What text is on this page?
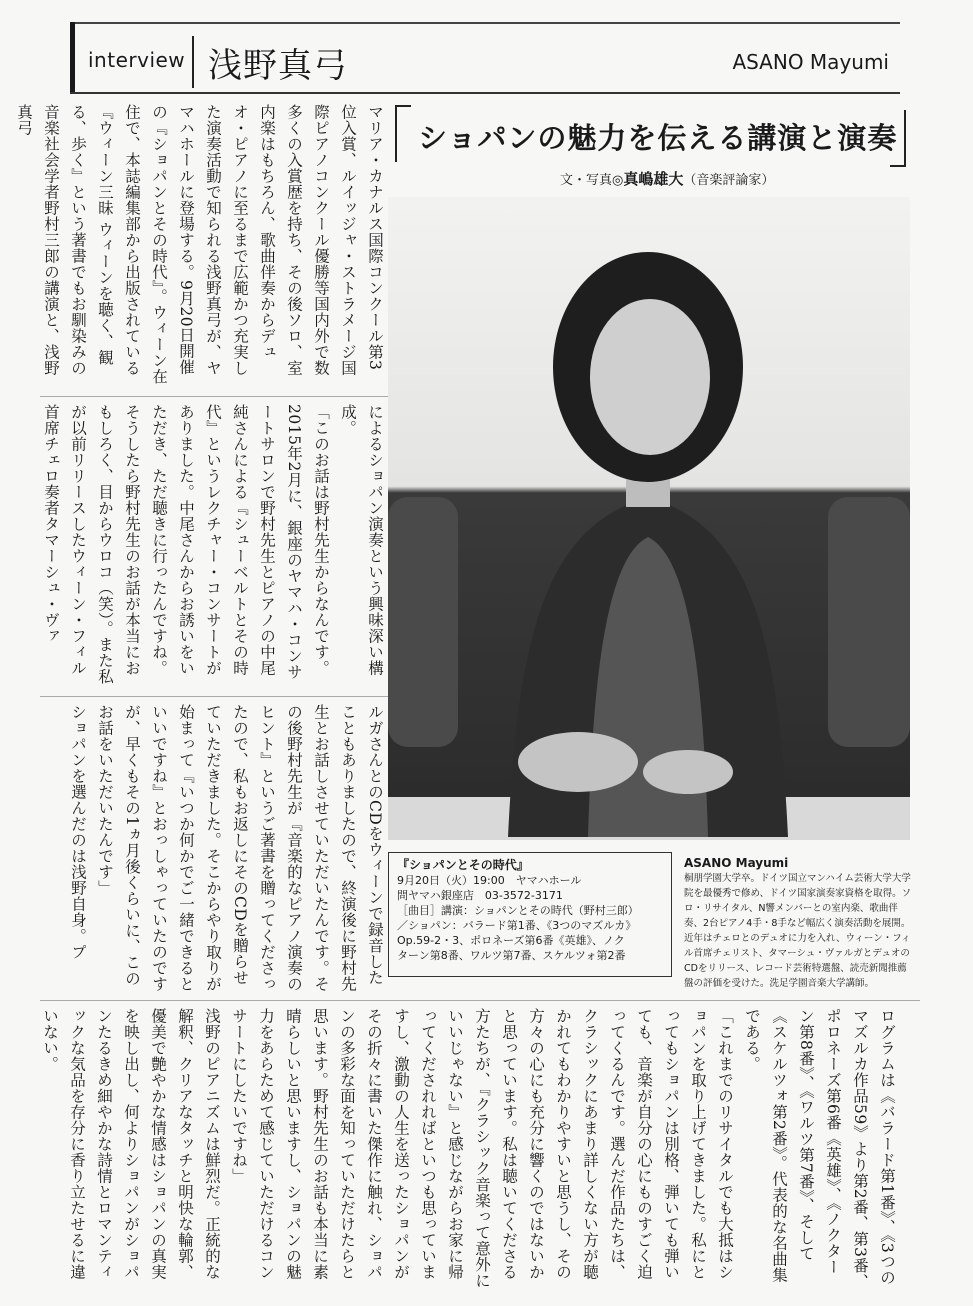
interview 浅野真弓	ASANO Mayumi
マリア・カナルス国際コンクール第3位入賞、ルイッジャ・ストラメージ国際ピアノコンクール優勝等国内外で数多くの入賞歴を持ち、その後ソロ、室内楽はもちろん、歌曲伴奏からデュオ・ピアノに至るまで広範かつ充実した演奏活動で知られる浅野真弓が、ヤマハホールに登場する。9月20日開催の『ショパンとその時代』。ウィーン在住で、本誌編集部から出版されている『ウィーン三昧 ウィーンを聴く、観る、歩く』という著書でもお馴染みの音楽社会学者野村三郎の講演と、浅野真弓
によるショパン演奏という興味深い構成。
「このお話は野村先生からなんです。2015年2月に、銀座のヤマハ・コンサートサロンで野村先生とピアノの中尾純さんによる『シューベルトとその時代』というレクチャー・コンサートがありました。中尾さんからお誘いをいただき、ただ聴きに行ったんですね。そうしたら野村先生のお話が本当におもしろく、目からウロコ（笑）。また私が以前リリースしたウィーン・フィル首席チェロ奏者タマーシュ・ヴァ
ルガさんとのCDをウィーンで録音したこともありましたので、終演後に野村先生とお話しさせていただいたんです。その後野村先生が『音楽的なピアノ演奏のヒント』というご著書を贈ってくださったので、私もお返しにそのCDを贈らせていただきました。そこからやり取りが始まって『いつか何かでご一緒できるといいですね』とおっしゃっていたのですが、早くもその1ヵ月後くらいに、このお話をいただいたんです」
ショパンを選んだのは浅野自身。プ
ログラムは《バラード第1番》、《3つのマズルカ作品59》より第2番、第3番、ポロネーズ第6番《英雄》、《ノクターン第8番》、《ワルツ第7番》、そして《スケルツォ第2番》。代表的な名曲集である。
「これまでのリサイタルでも大抵はショパンを取り上げてきました。私にとってもショパンは別格、弾いても弾いても、音楽が自分の心にものすごく迫ってくるんです。選んだ作品たちは、クラシックにあまり詳しくない方が聴かれてもわかりやすいと思うし、その方々の心にも充分に響くのではないかと思っています。私は聴いてくださる方たちが、『クラシック音楽って意外にいいじゃない』と感じながらお家に帰ってくだされればといつも思っていますし、激動の人生を送ったショパンがその折々に書いた傑作に触れ、ショパンの多彩な面を知っていただけたらと思います。野村先生のお話も本当に素晴らしいと思いますし、ショパンの魅力をあらためて感じていただけるコンサートにしたいですね」
浅野のピアニズムは鮮烈だ。正統的な解釈、クリアなタッチと明快な輪郭、優美で艶やかな情感はショパンの真実を映し出し、何よりショパンがショパンたるきめ細やかな詩情とロマンティックな気品を存分に香り立たせるに違いない。
ショパンの魅力を伝える講演と演奏
文・写真◎真嶋雄大（音楽評論家）
『ショパンとその時代』
9月20日（火）19:00　ヤマハホール
問ヤマハ銀座店　03-3572-3171
［曲目］講演：ショパンとその時代（野村三郎）
／ショパン：バラード第1番、《3つのマズルカ》
Op.59-2・3、ポロネーズ第6番《英雄》、ノク
ターン第8番、ワルツ第7番、スケルツォ第2番
ASANO Mayumi
桐朋学園大学卒。ドイツ国立マンハイム芸術大学大学院を最優秀で修め、ドイツ国家演奏家資格を取得。ソロ・リサイタル、N響メンバーとの室内楽、歌曲伴奏、2台ピアノ4手・8手など幅広く演奏活動を展開。近年はチェロとのデュオに力を入れ、ウィーン・フィル首席チェリスト、タマーシュ・ヴァルガとデュオのCDをリリース、レコード芸術特選盤、読売新聞推薦盤の評価を受けた。洗足学園音楽大学講師。
